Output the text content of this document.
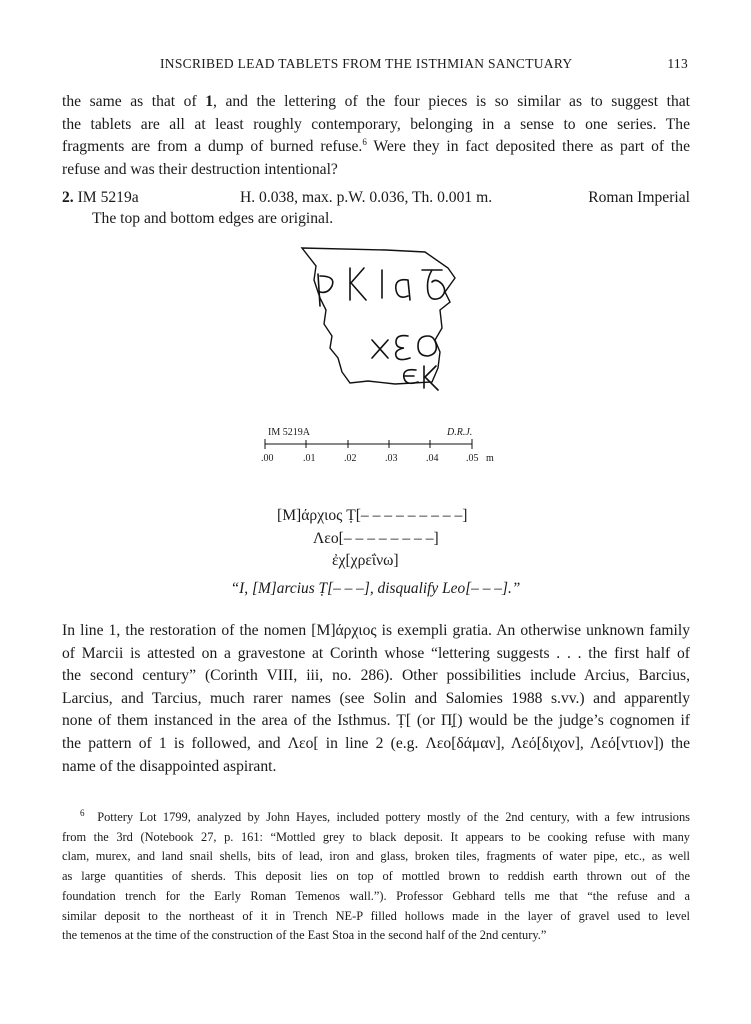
INSCRIBED LEAD TABLETS FROM THE ISTHMIAN SANCTUARY	113
the same as that of 1, and the lettering of the four pieces is so similar as to suggest that
the tablets are all at least roughly contemporary, belonging in a sense to one series. The
fragments are from a dump of burned refuse.$^6$ Were they in fact deposited there as part of the
refuse and was their destruction intentional?
2. IM 5219a	H. 0.038, max. p.W. 0.036, Th. 0.001 m.	Roman Imperial
The top and bottom edges are original.
IM 5219A	D.R.J.
.00	.01	.02	.03	.04	.05 m
[M]άρχιος Ṭ[– – – – – – – – –]
Λεο[– – – – – – – –]
ἐχ[χρεΐνω]
“I, [M]arcius Ṭ[– – –], disqualify Leo[– – –].”
In line 1, the restoration of the nomen [M]άρχιος is exempli gratia. An otherwise unknown family
of Marcii is attested on a gravestone at Corinth whose “lettering suggests . . . the first half of
the second century” (Corinth VIII, iii, no. 286). Other possibilities include Arcius, Barcius,
Larcius, and Tarcius, much rarer names (see Solin and Salomies 1988 s.vv.) and apparently
none of them instanced in the area of the Isthmus. Ṭ[ (or Π̣[) would be the judge’s cognomen if
the pattern of 1 is followed, and Λεο[ in line 2 (e.g. Λεο[δάμαν], Λεό[διχον], Λεό[ντιον]) the
name of the disappointed aspirant.
$^6$ Pottery Lot 1799, analyzed by John Hayes, included pottery mostly of the 2nd century, with a few intrusions
from the 3rd (Notebook 27, p. 161: “Mottled grey to black deposit. It appears to be cooking refuse with many
clam, murex, and land snail shells, bits of lead, iron and glass, broken tiles, fragments of water pipe, etc., as well
as large quantities of sherds. This deposit lies on top of mottled brown to reddish earth thrown out of the
foundation trench for the Early Roman Temenos wall.”). Professor Gebhard tells me that “the refuse and a
similar deposit to the northeast of it in Trench NE-P filled hollows made in the layer of gravel used to level
the temenos at the time of the construction of the East Stoa in the second half of the 2nd century.”
